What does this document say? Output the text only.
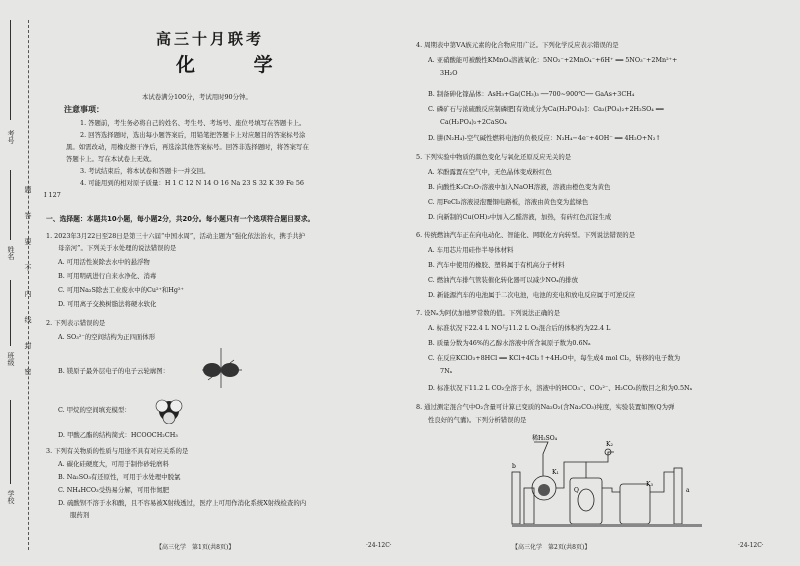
考号
姓名
班级
学校
题
答
要
不
内
线
封
密
高三十月联考
化 学
本试卷满分100分，考试用时90分钟。
注意事项：
1. 答题前，考生务必将自己的姓名、考生号、考场号、座位号填写在答题卡上。
2. 回答选择题时，选出每小题答案后，用铅笔把答题卡上对应题目的答案标号涂
黑。如需改动，用橡皮擦干净后，再选涂其他答案标号。回答非选择题时，将答案写在
答题卡上。写在本试卷上无效。
3. 考试结束后，将本试卷和答题卡一并交回。
4. 可能用到的相对原子质量：H 1 C 12 N 14 O 16 Na 23 S 32 K 39 Fe 56
I 127
一、选择题：本题共10小题，每小题2分，共20分。每小题只有一个选项符合题目要求。
1. 2023年3月22日至28日是第三十六届“中国水周”，活动主题为“强化依法治水，携手共护
母亲河”。下列关于水处理的说法错误的是
A. 可用活性炭除去水中的悬浮物
B. 可用明矾进行自来水净化、消毒
C. 可用Na₂S除去工业废水中的Cu²⁺和Hg²⁺
D. 可用离子交换树脂法将硬水软化
2. 下列表示错误的是
A. SO₃²⁻的空间结构为正四面体形
B. 镁原子最外层电子的电子云轮廓图：
C. 甲烷的空间填充模型：
D. 甲酸乙酯的结构简式：HCOOCH₂CH₃
3. 下列有关物质的性质与用途不具有对应关系的是
A. 碳化硅硬度大，可用于制作砂轮磨料
B. Na₂SO₃有还原性，可用于水处理中脱氯
C. NH₄HCO₃受热易分解，可用作氮肥
D. 硫酸钡不溶于水和酸，且不容易被X射线透过，医疗上可用作消化系统X射线检查的内
服药剂
【高三化学　第1页(共8页)】	·24-12C·
4. 周期表中第ⅤA族元素的化合物应用广泛。下列化学反应表示错误的是
A. 亚硝酸能可被酸性KMnO₄溶液氧化：5NO₂⁻+2MnO₄⁻+6H⁺ ══ 5NO₃⁻+2Mn²⁺+
3H₂O
B. 制备砷化镓晶体：AsH₃+Ga(CH₃)₃ ──700~900℃── GaAs+3CH₄
C. 磷矿石与浓硫酸反应制磷肥[有效成分为Ca(H₂PO₄)₂]：Ca₃(PO₄)₂+2H₂SO₄ ══
Ca(H₂PO₄)₂+2CaSO₄
D. 肼(N₂H₄)-空气碱性燃料电池的负极反应：N₂H₄−4e⁻+4OH⁻ ══ 4H₂O+N₂↑
5. 下列实验中物质的颜色变化与氧化还原反应无关的是
A. 苯酚露置在空气中，无色晶体变成粉红色
B. 向酸性K₂Cr₂O₇溶液中加入NaOH溶液，溶液由橙色变为黄色
C. 用FeCl₃溶液浸泡覆铜电路板，溶液由黄色变为蓝绿色
D. 向新制的Cu(OH)₂中加入乙醛溶液，加热，有砖红色沉淀生成
6. 传统燃油汽车正在向电动化、智能化、网联化方向转型。下列说法错误的是
A. 车用芯片用硅作半导体材料
B. 汽车中使用的橡胶、塑料属于有机高分子材料
C. 燃油汽车排气管装催化转化器可以减少NOₓ的排放
D. 新能源汽车的电池属于二次电池，电池的充电和放电反应属于可逆反应
7. 设Nₐ为阿伏加德罗常数的值。下列说法正确的是
A. 标准状况下22.4 L NO与11.2 L O₂混合后的体积约为22.4 L
B. 质量分数为46%的乙醇水溶液中所含氧原子数为0.6Nₐ
C. 在反应KClO₃+8HCl ══ KCl+4Cl₂↑+4H₂O中，每生成4 mol Cl₂，转移的电子数为
7Nₐ
D. 标准状况下11.2 L CO₂全溶于水，溶液中的HCO₃⁻、CO₃²⁻、H₂CO₃的数目之和为0.5Nₐ
8. 通过测定混合气中O₂含量可计算已变质的Na₂O₂(含Na₂CO₃)纯度，实验装置如图(Q为弹
性良好的气囊)。下列分析错误的是
稀H₂SO₄
K₁
K₂
K₃
b
Q	a
【高三化学　第2页(共8页)】	·24-12C·
